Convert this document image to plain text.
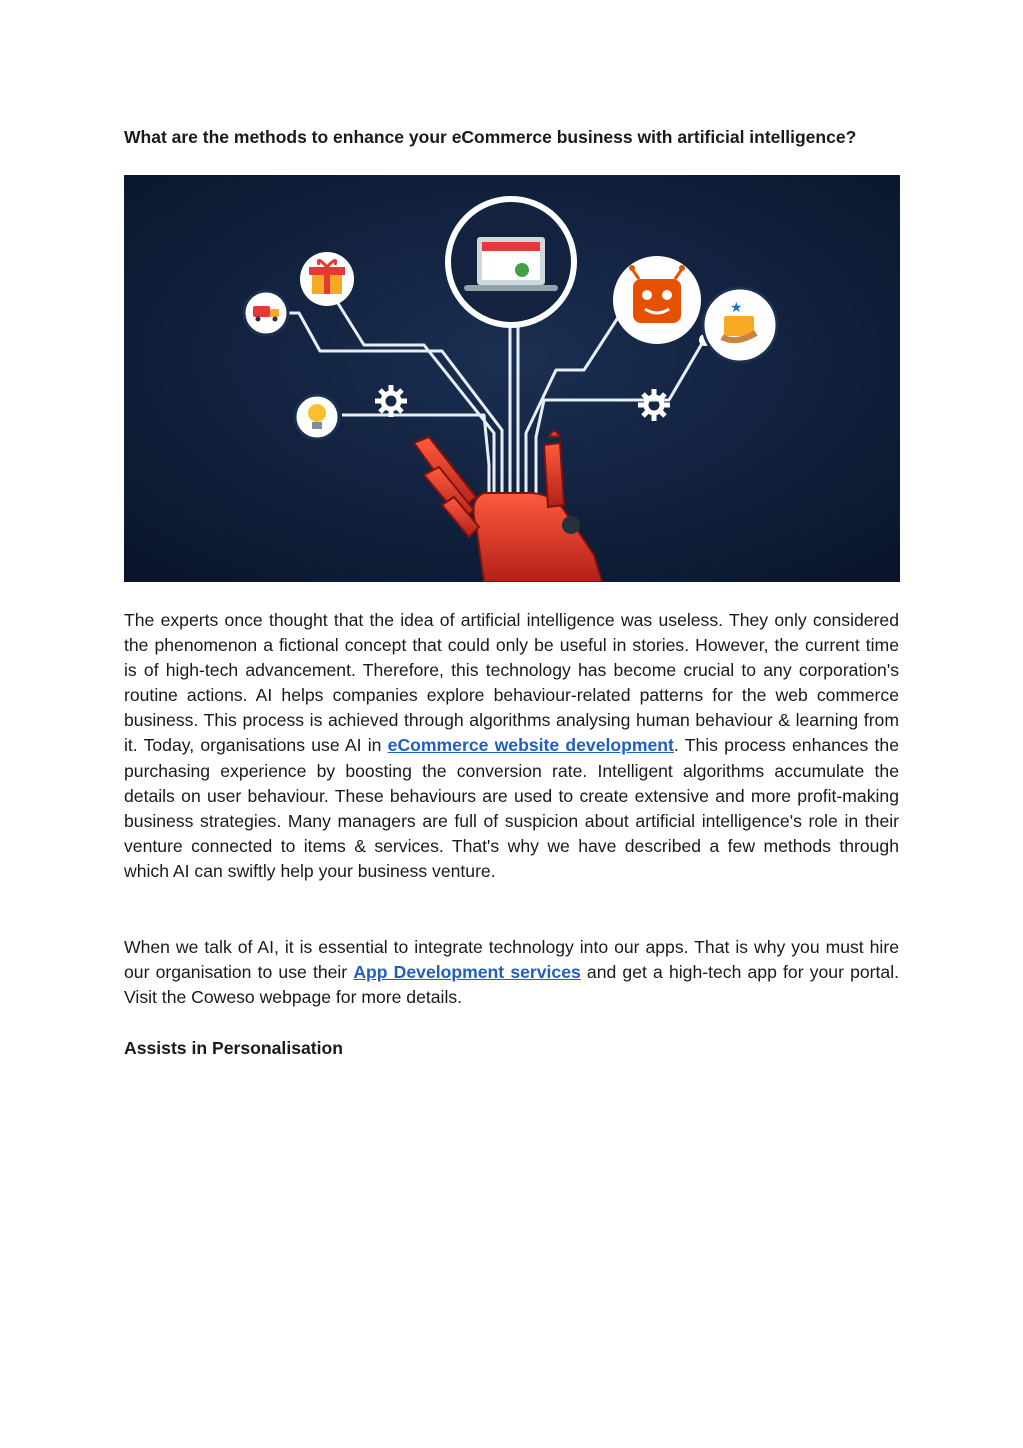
What are the methods to enhance your eCommerce business with artificial intelligence?
★

The experts once thought that the idea of artificial intelligence was useless. They only considered the phenomenon a fictional concept that could only be useful in stories. However, the current time is of high-tech advancement. Therefore, this technology has become crucial to any corporation's routine actions. AI helps companies explore behaviour-related patterns for the web commerce business. This process is achieved through algorithms analysing human behaviour & learning from it. Today, organisations use AI in eCommerce website development. This process enhances the purchasing experience by boosting the conversion rate. Intelligent algorithms accumulate the details on user behaviour. These behaviours are used to create extensive and more profit-making business strategies. Many managers are full of suspicion about artificial intelligence's role in their venture connected to items & services. That's why we have described a few methods through which AI can swiftly help your business venture.

When we talk of AI, it is essential to integrate technology into our apps. That is why you must hire our organisation to use their App Development services and get a high-tech app for your portal. Visit the Coweso webpage for more details.

Assists in Personalisation
